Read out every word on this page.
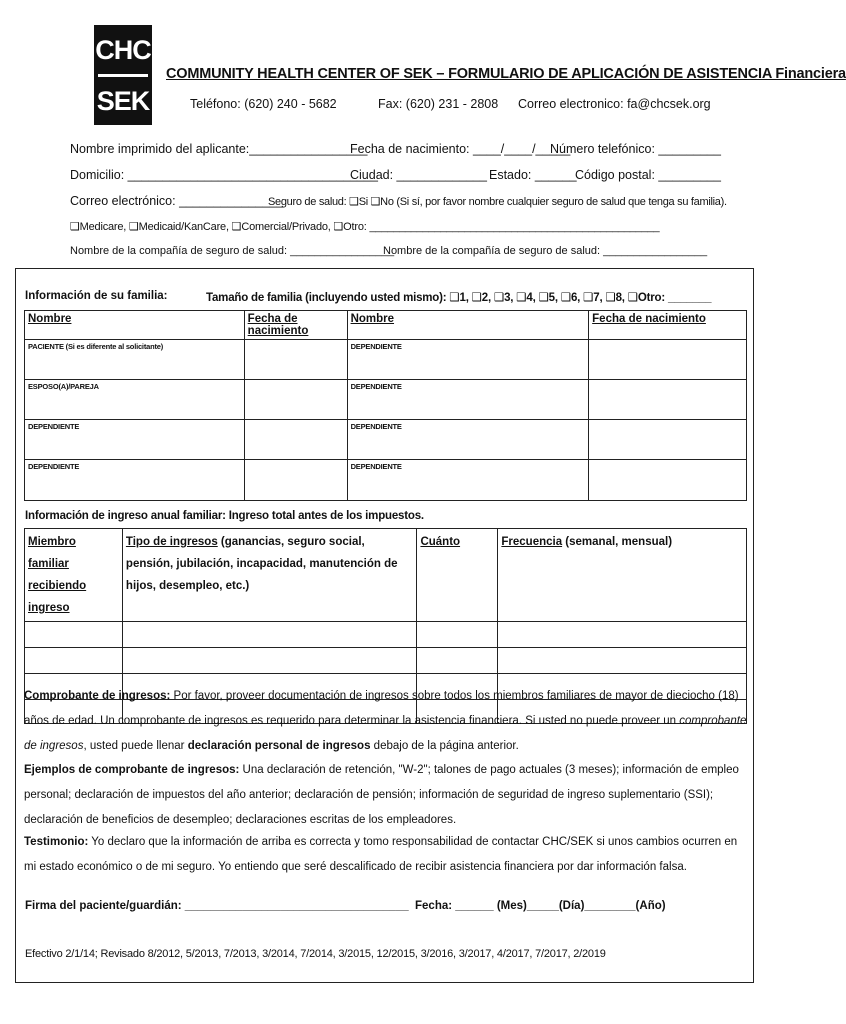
CHC
SEK
COMMUNITY HEALTH CENTER OF SEK – FORMULARIO DE APLICACIÓN DE ASISTENCIA Financiera
Teléfono: (620) 240 - 5682	Fax: (620) 231 - 2808 Correo electronico: fa@chcsek.org
Nombre imprimido del aplicante:_________________
Fecha de nacimiento: ____/____/_____
Número telefónico: _________
Domicilio: ____________________________________
Ciudad: _____________ Estado: ______
Código postal: _________
Correo electrónico: _______________
Seguro de salud: ❑Si ❑No (Si sí, por favor nombre cualquier seguro de salud que tenga su familia).
❑Medicare, ❑Medicaid/KanCare, ❑Comercial/Privado, ❑Otro: _________________________________________________
Nombre de la compañía de seguro de salud: _________________
Nombre de la compañía de seguro de salud: _________________
Información de su familia:	Tamaño de familia (incluyendo usted mismo): ❑1, ❑2, ❑3, ❑4, ❑5, ❑6, ❑7, ❑8, ❑Otro: _______
Nombre	Fecha de nacimiento	Nombre	Fecha de nacimiento
PACIENTE (Si es diferente al solicitante)		DEPENDIENTE	
ESPOSO(A)/PAREJA		DEPENDIENTE	
DEPENDIENTE		DEPENDIENTE	
DEPENDIENTE		DEPENDIENTE	
Información de ingreso anual familiar: Ingreso total antes de los impuestos.
Miembro familiar recibiendo ingreso	Tipo de ingresos (ganancias, seguro social, pensión, jubilación, incapacidad, manutención de hijos, desempleo, etc.)	Cuánto	Frecuencia (semanal, mensual)

Comprobante de ingresos: Por favor, proveer documentación de ingresos sobre todos los miembros familiares de mayor de dieciocho (18) años de edad. Un comprobante de ingresos es requerido para determinar la asistencia financiera. Si usted no puede proveer un comprobante de ingresos, usted puede llenar declaración personal de ingresos debajo de la página anterior.
Ejemplos de comprobante de ingresos: Una declaración de retención, "W-2"; talones de pago actuales (3 meses); información de empleo personal; declaración de impuestos del año anterior; declaración de pensión; información de seguridad de ingreso suplementario (SSI); declaración de beneficios de desempleo; declaraciones escritas de los empleadores.
Testimonio: Yo declaro que la información de arriba es correcta y tomo responsabilidad de contactar CHC/SEK si unos cambios ocurren en mi estado económico o de mi seguro. Yo entiendo que seré descalificado de recibir asistencia financiera por dar información falsa.
Firma del paciente/guardián: ___________________________________ Fecha: ______ (Mes)_____(Día)________(Año)
Efectivo 2/1/14; Revisado 8/2012, 5/2013, 7/2013, 3/2014, 7/2014, 3/2015, 12/2015, 3/2016, 3/2017, 4/2017, 7/2017, 2/2019
